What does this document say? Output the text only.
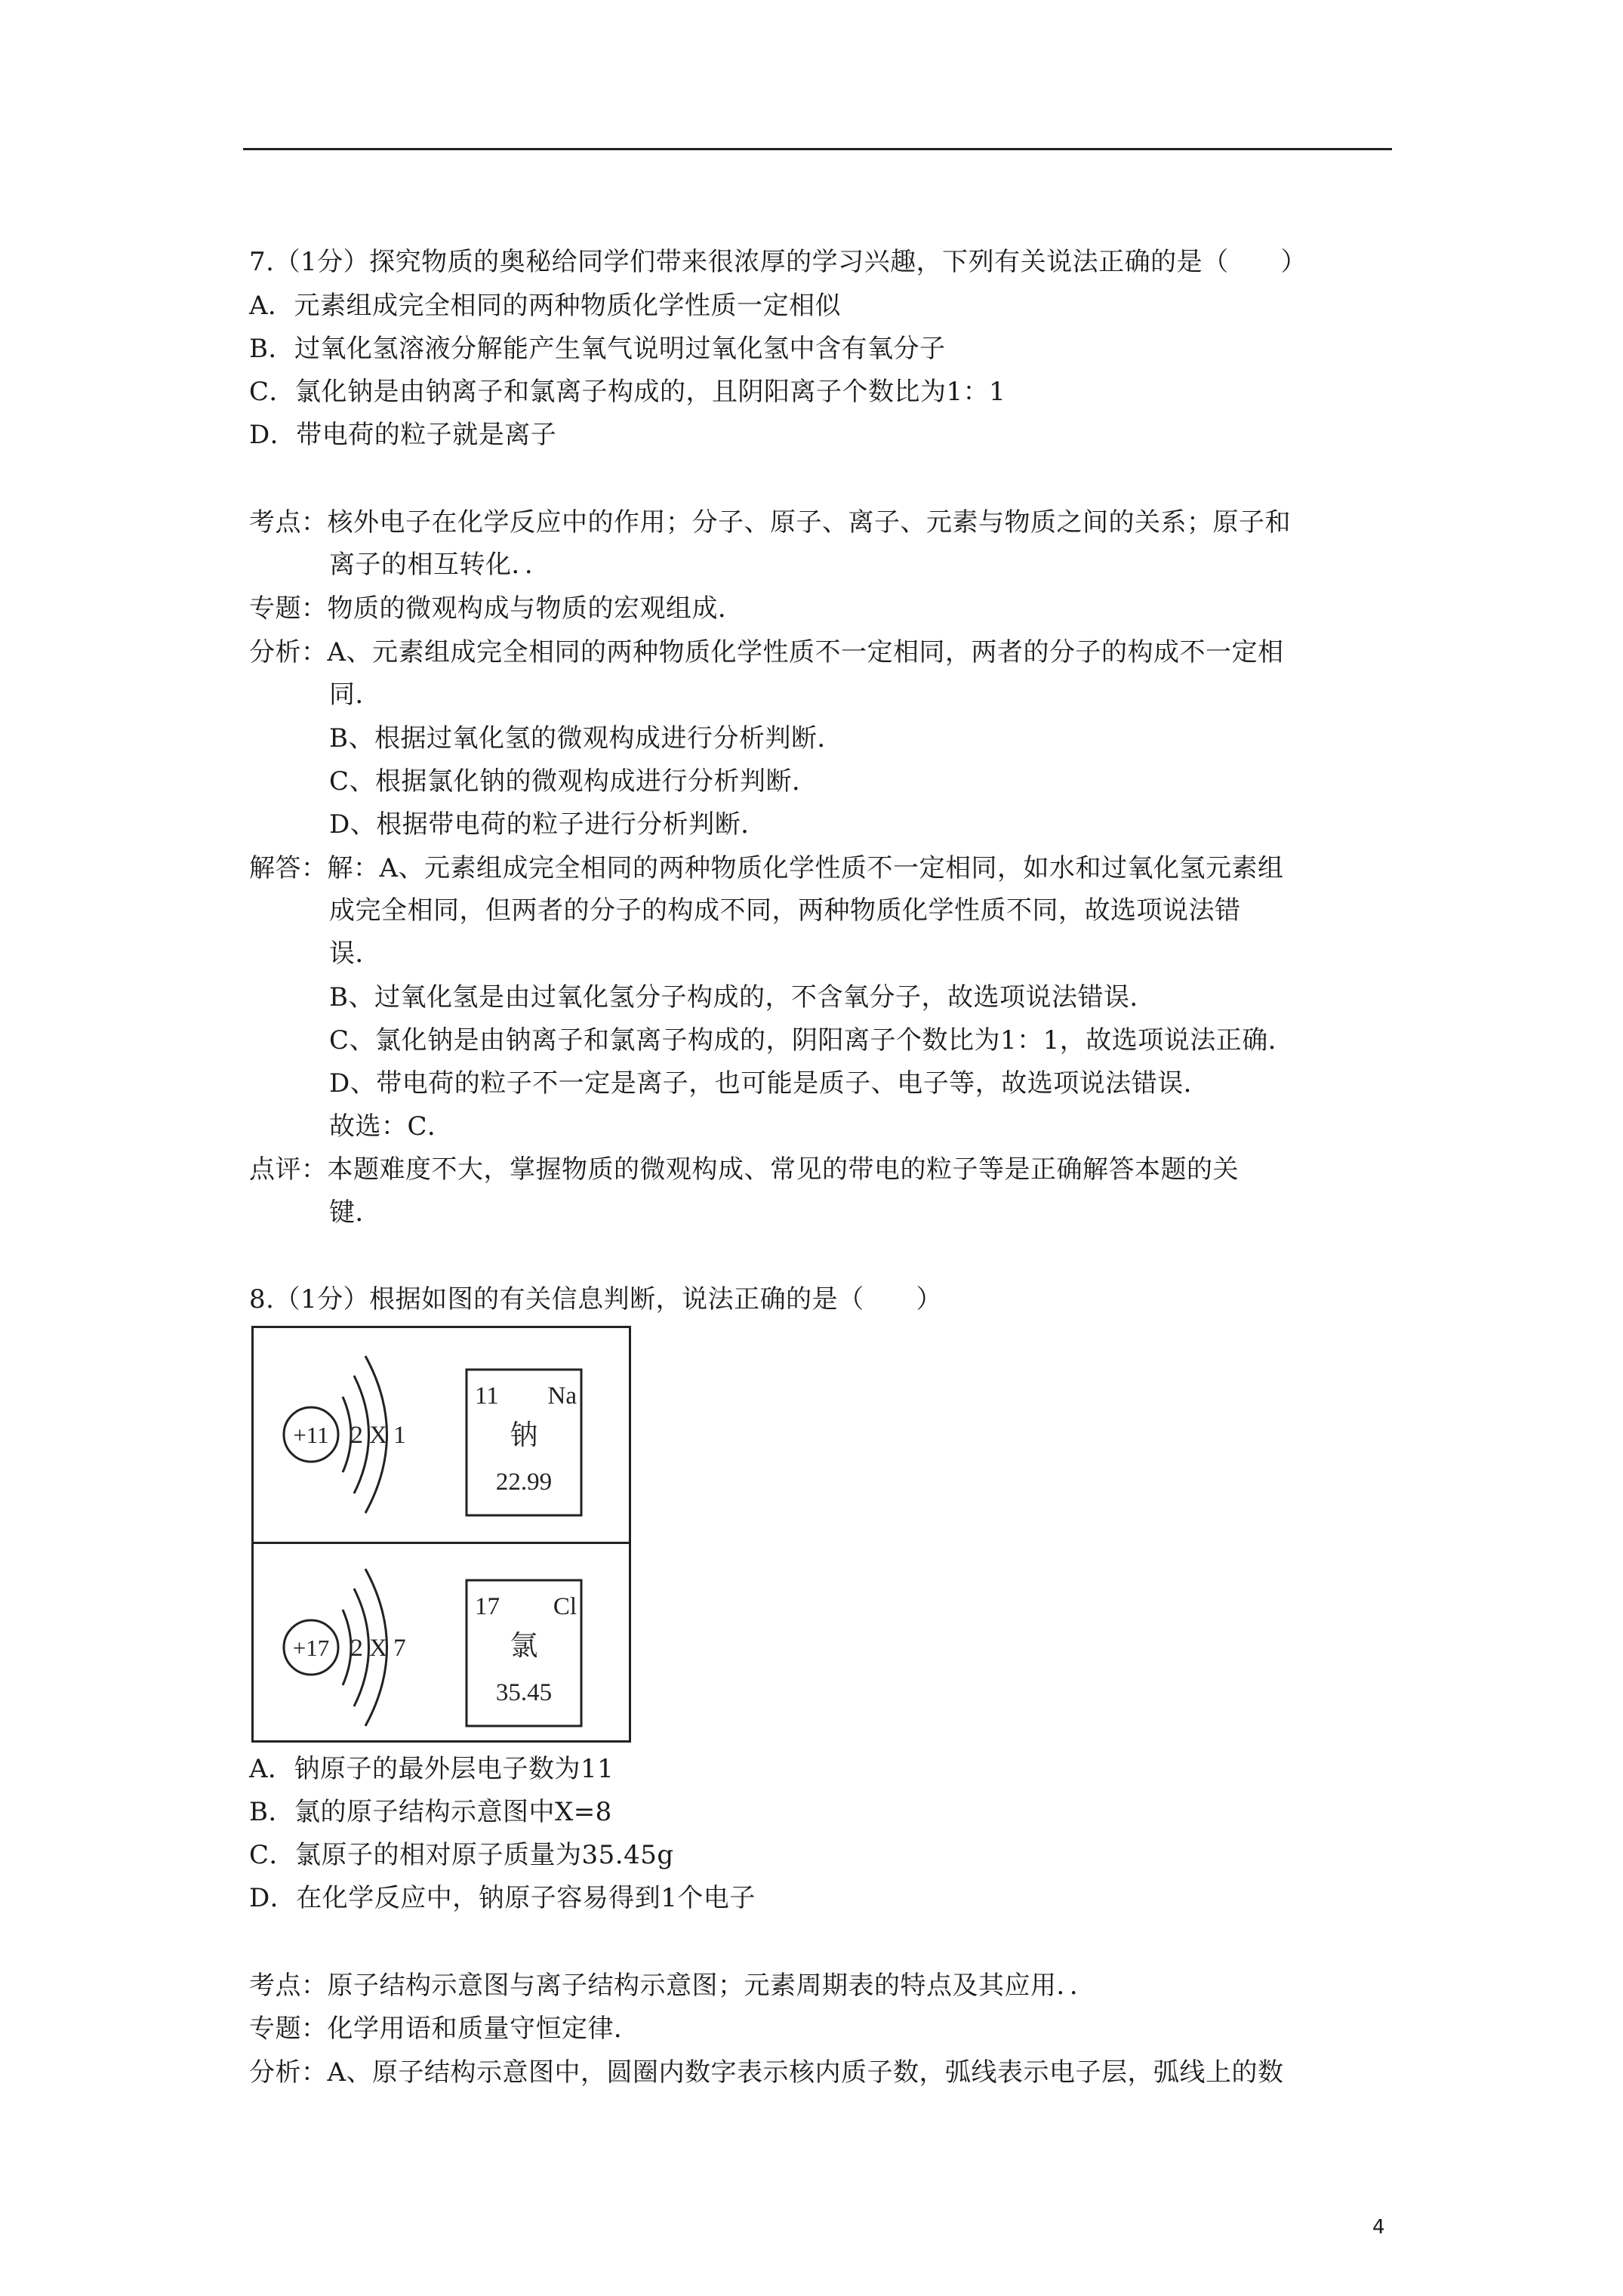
7.（1分）探究物质的奥秘给同学们带来很浓厚的学习兴趣，下列有关说法正确的是（　　）
A．元素组成完全相同的两种物质化学性质一定相似
B．过氧化氢溶液分解能产生氧气说明过氧化氢中含有氧分子
C．氯化钠是由钠离子和氯离子构成的，且阴阳离子个数比为1：1
D．带电荷的粒子就是离子
考点：核外电子在化学反应中的作用；分子、原子、离子、元素与物质之间的关系；原子和
离子的相互转化．．
专题：物质的微观构成与物质的宏观组成．
分析：A、元素组成完全相同的两种物质化学性质不一定相同，两者的分子的构成不一定相
同．
B、根据过氧化氢的微观构成进行分析判断．
C、根据氯化钠的微观构成进行分析判断．
D、根据带电荷的粒子进行分析判断．
解答：解：A、元素组成完全相同的两种物质化学性质不一定相同，如水和过氧化氢元素组
成完全相同，但两者的分子的构成不同，两种物质化学性质不同，故选项说法错
误．
B、过氧化氢是由过氧化氢分子构成的，不含氧分子，故选项说法错误．
C、氯化钠是由钠离子和氯离子构成的，阴阳离子个数比为1：1，故选项说法正确．
D、带电荷的粒子不一定是离子，也可能是质子、电子等，故选项说法错误．
故选：C．
点评：本题难度不大，掌握物质的微观构成、常见的带电的粒子等是正确解答本题的关
键．
8.（1分）根据如图的有关信息判断，说法正确的是（　　）
+11 2 X 1
11 Na
钠
22.99
+17 2 X 7
17 Cl
氯
35.45
A．钠原子的最外层电子数为11
B．氯的原子结构示意图中X=8
C．氯原子的相对原子质量为35.45g
D．在化学反应中，钠原子容易得到1个电子
考点：原子结构示意图与离子结构示意图；元素周期表的特点及其应用．．
专题：化学用语和质量守恒定律．
分析：A、原子结构示意图中，圆圈内数字表示核内质子数，弧线表示电子层，弧线上的数
4
